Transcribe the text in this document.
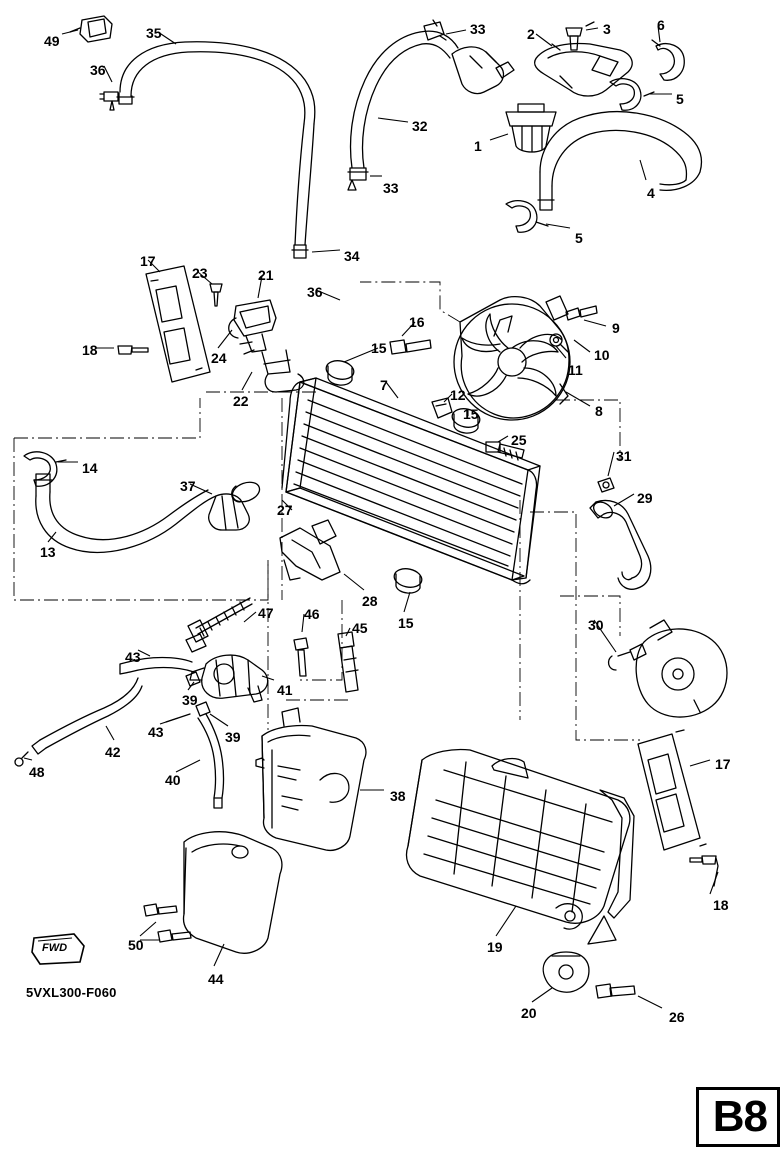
FWD
5VXL300-F060
B8
49	35
36
33	2	3	6
5
1
32
33	4
5
34
17
23	21
36
24
22
18
16
15
9
10
11
7
12
8
15
25
31
14
37
27
29
13
28
15	30
47 46
45
43
41
39
43	39
42
48	40
38
17
18
19
50
44
20	26
